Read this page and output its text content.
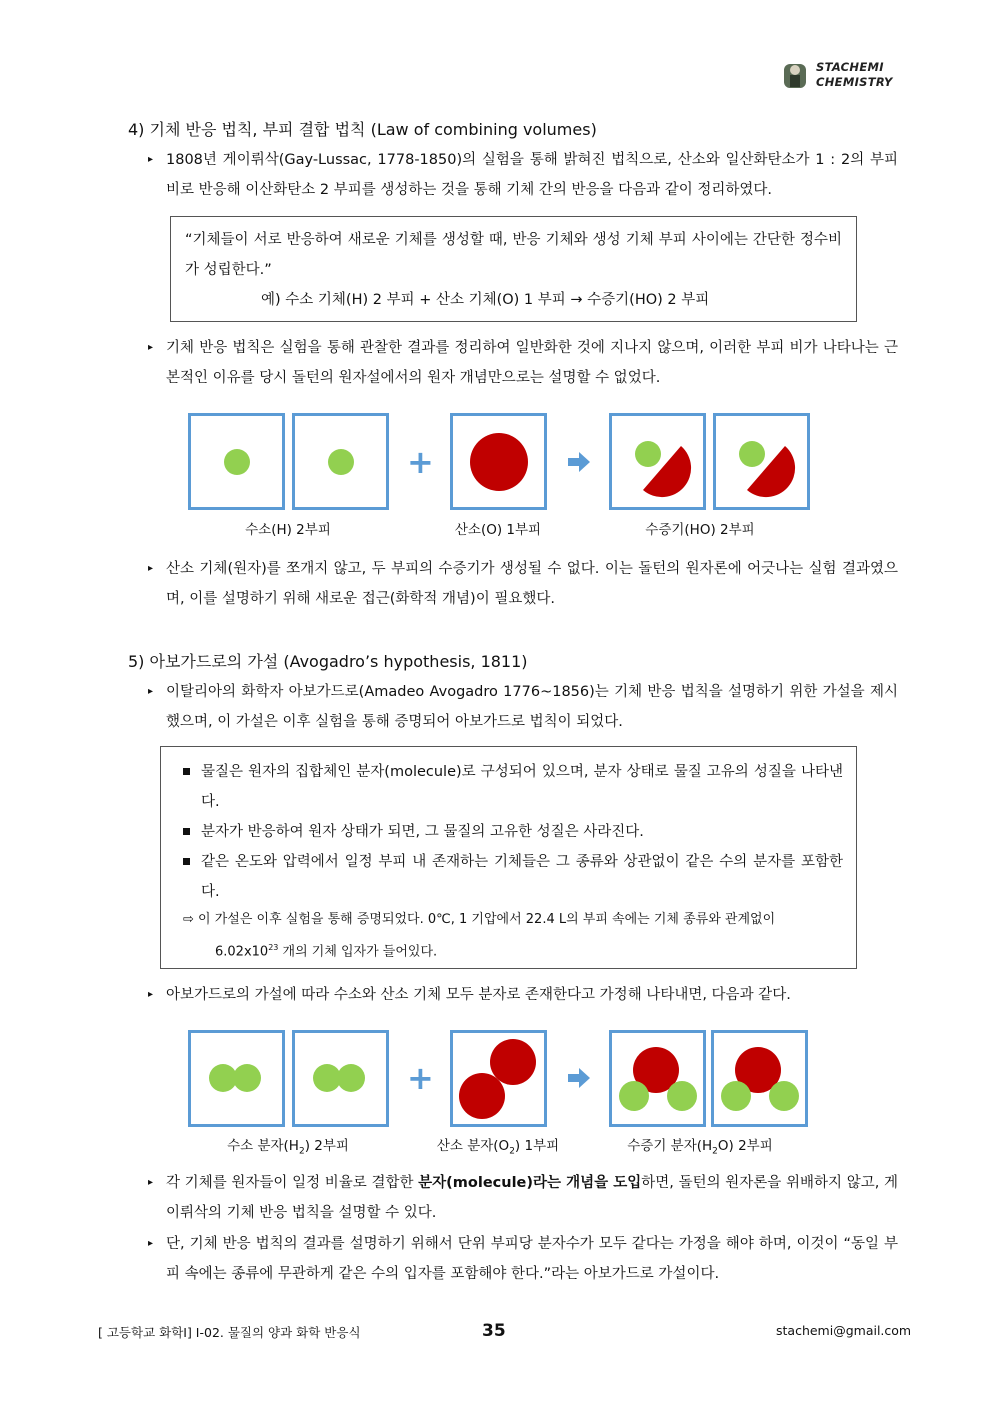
STACHEMI
CHEMISTRY
4) 기체 반응 법칙, 부피 결합 법칙 (Law of combining volumes)
▸ 1808년 게이뤼삭(Gay-Lussac, 1778-1850)의 실험을 통해 밝혀진 법칙으로, 산소와 일산화탄소가 1 : 2의 부피 비로 반응해 이산화탄소 2 부피를 생성하는 것을 통해 기체 간의 반응을 다음과 같이 정리하였다.

“기체들이 서로 반응하여 새로운 기체를 생성할 때, 반응 기체와 생성 기체 부피 사이에는 간단한 정수비가 성립한다.”

예) 수소 기체(H) 2 부피 + 산소 기체(O) 1 부피 → 수증기(HO) 2 부피

▸ 기체 반응 법칙은 실험을 통해 관찰한 결과를 정리하여 일반화한 것에 지나지 않으며, 이러한 부피 비가 나타나는 근본적인 이유를 당시 돌턴의 원자설에서의 원자 개념만으로는 설명할 수 없었다.
+
수소(H) 2부피	산소(O) 1부피	수증기(HO) 2부피
▸ 산소 기체(원자)를 쪼개지 않고, 두 부피의 수증기가 생성될 수 없다. 이는 돌턴의 원자론에 어긋나는 실험 결과였으며, 이를 설명하기 위해 새로운 접근(화학적 개념)이 필요했다.
5) 아보가드로의 가설 (Avogadro’s hypothesis, 1811)
▸ 이탈리아의 화학자 아보가드로(Amadeo Avogadro 1776~1856)는 기체 반응 법칙을 설명하기 위한 가설을 제시했으며, 이 가설은 이후 실험을 통해 증명되어 아보가드로 법칙이 되었다.
물질은 원자의 집합체인 분자(molecule)로 구성되어 있으며, 분자 상태로 물질 고유의 성질을 나타낸다.
분자가 반응하여 원자 상태가 되면, 그 물질의 고유한 성질은 사라진다.
같은 온도와 압력에서 일정 부피 내 존재하는 기체들은 그 종류와 상관없이 같은 수의 분자를 포함한다.
⇨ 이 가설은 이후 실험을 통해 증명되었다. 0℃, 1 기압에서 22.4 L의 부피 속에는 기체 종류와 관계없이
$6.02x10^{23}$ 개의 기체 입자가 들어있다.
▸ 아보가드로의 가설에 따라 수소와 산소 기체 모두 분자로 존재한다고 가정해 나타내면, 다음과 같다.
+
수소 분자$(H_2)$ 2부피	산소 분자$(O_2)$ 1부피	수증기 분자$(H_2O)$ 2부피
▸ 각 기체를 원자들이 일정 비율로 결합한 분자(molecule)라는 개념을 도입하면, 돌턴의 원자론을 위배하지 않고, 게이뤼삭의 기체 반응 법칙을 설명할 수 있다.
▸ 단, 기체 반응 법칙의 결과를 설명하기 위해서 단위 부피당 분자수가 모두 같다는 가정을 해야 하며, 이것이 “동일 부피 속에는 종류에 무관하게 같은 수의 입자를 포함해야 한다.”라는 아보가드로 가설이다.
[ 고등학교 화학Ⅰ] Ⅰ-02. 물질의 양과 화학 반응식	35	stachemi@gmail.com
